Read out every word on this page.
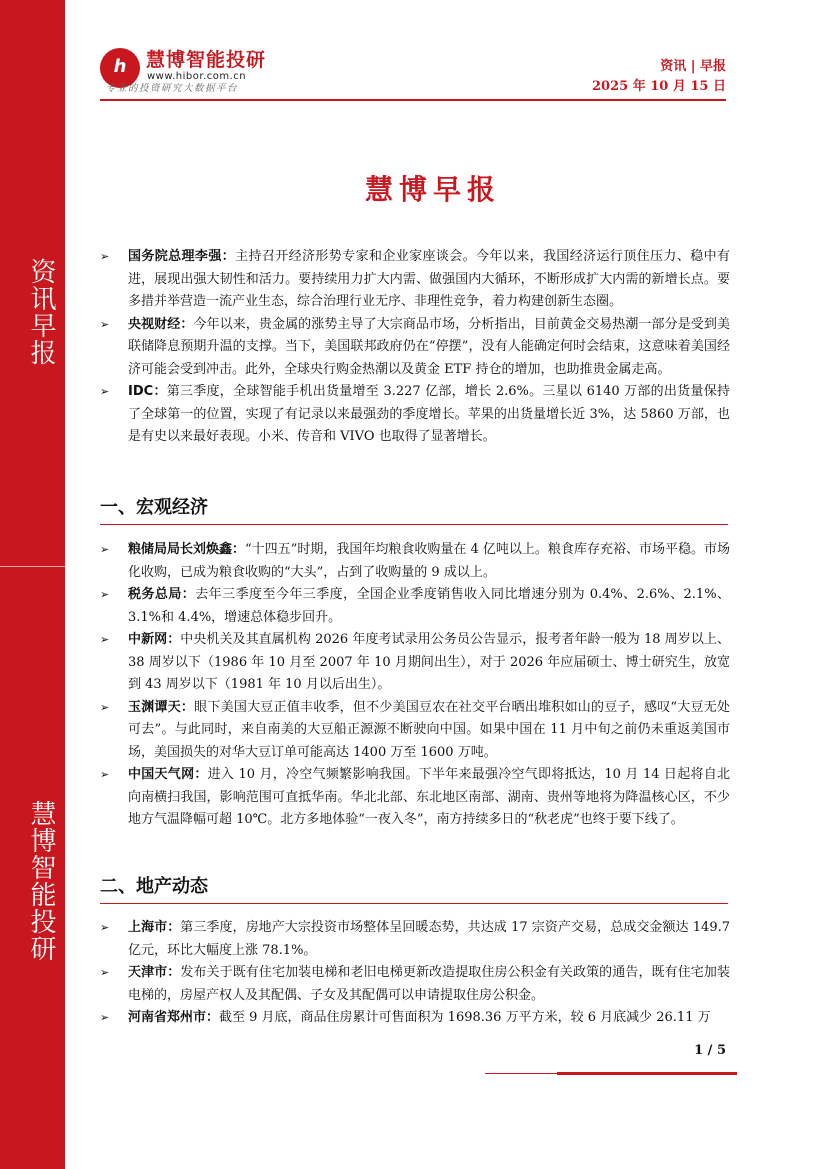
资讯早报
慧博智能投研
h	慧博智能投研
www.hibor.com.cn
专业的投资研究大数据平台
资讯 | 早报
2025 年 10 月 15 日
慧博早报
➢ 国务院总理李强：主持召开经济形势专家和企业家座谈会。今年以来，我国经济运行顶住压力、稳中有进，展现出强大韧性和活力。要持续用力扩大内需、做强国内大循环，不断形成扩大内需的新增长点。要多措并举营造一流产业生态，综合治理行业无序、非理性竞争，着力构建创新生态圈。
➢ 央视财经：今年以来，贵金属的涨势主导了大宗商品市场，分析指出，目前黄金交易热潮一部分是受到美联储降息预期升温的支撑。当下，美国联邦政府仍在“停摆”，没有人能确定何时会结束，这意味着美国经济可能会受到冲击。此外，全球央行购金热潮以及黄金 ETF 持仓的增加，也助推贵金属走高。
➢ IDC：第三季度，全球智能手机出货量增至 3.227 亿部，增长 2.6%。三星以 6140 万部的出货量保持了全球第一的位置，实现了有记录以来最强劲的季度增长。苹果的出货量增长近 3%，达 5860 万部，也是有史以来最好表现。小米、传音和 VIVO 也取得了显著增长。
一、宏观经济
➢ 粮储局局长刘焕鑫：“十四五”时期，我国年均粮食收购量在 4 亿吨以上。粮食库存充裕、市场平稳。市场化收购，已成为粮食收购的“大头”，占到了收购量的 9 成以上。
➢ 税务总局：去年三季度至今年三季度，全国企业季度销售收入同比增速分别为 0.4%、2.6%、2.1%、3.1%和 4.4%，增速总体稳步回升。
➢ 中新网：中央机关及其直属机构 2026 年度考试录用公务员公告显示，报考者年龄一般为 18 周岁以上、38 周岁以下（1986 年 10 月至 2007 年 10 月期间出生），对于 2026 年应届硕士、博士研究生，放宽到 43 周岁以下（1981 年 10 月以后出生）。
➢ 玉渊谭天：眼下美国大豆正值丰收季，但不少美国豆农在社交平台晒出堆积如山的豆子，感叹“大豆无处可去”。与此同时，来自南美的大豆船正源源不断驶向中国。如果中国在 11 月中旬之前仍未重返美国市场，美国损失的对华大豆订单可能高达 1400 万至 1600 万吨。
➢ 中国天气网：进入 10 月，冷空气频繁影响我国。下半年来最强冷空气即将抵达，10 月 14 日起将自北向南横扫我国，影响范围可直抵华南。华北北部、东北地区南部、湖南、贵州等地将为降温核心区，不少地方气温降幅可超 10℃。北方多地体验“一夜入冬”，南方持续多日的“秋老虎”也终于要下线了。
二、地产动态
➢ 上海市：第三季度，房地产大宗投资市场整体呈回暖态势，共达成 17 宗资产交易，总成交金额达 149.7 亿元，环比大幅度上涨 78.1%。
➢ 天津市：发布关于既有住宅加装电梯和老旧电梯更新改造提取住房公积金有关政策的通告，既有住宅加装电梯的，房屋产权人及其配偶、子女及其配偶可以申请提取住房公积金。
➢ 河南省郑州市：截至 9 月底，商品住房累计可售面积为 1698.36 万平方米，较 6 月底减少 26.11 万
1 / 5
